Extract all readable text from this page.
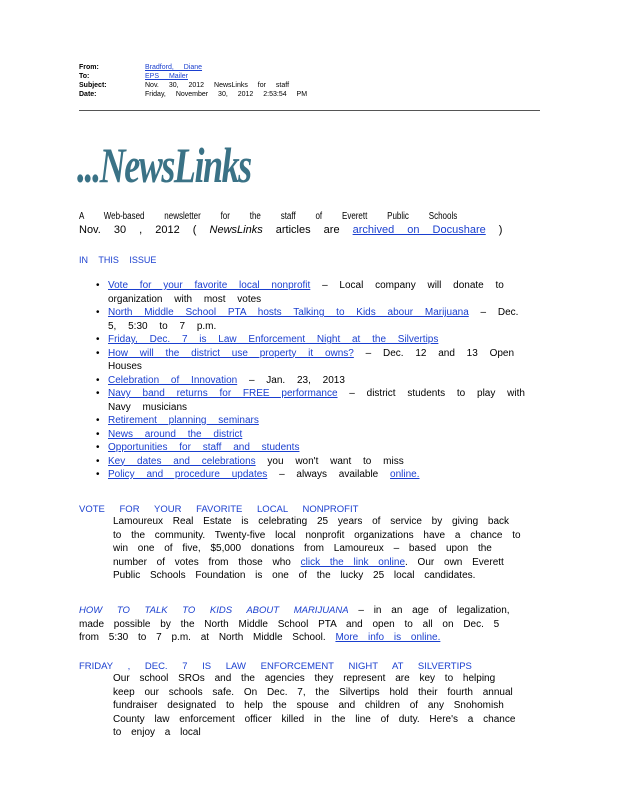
From:	Bradford, Diane
To:	EPS Mailer
Subject:	Nov. 30, 2012 NewsLinks for staff
Date:	Friday, November 30, 2012 2:53:54 PM
...NewsLinks
A Web-based newsletter for the staff of Everett Public Schools
Nov. 30 , 2012 ( NewsLinks articles are archived on Docushare )
IN THIS ISSUE
• Vote for your favorite local nonprofit – Local company will donate to organization with most votes
• North Middle School PTA hosts Talking to Kids abour Marijuana – Dec. 5, 5:30 to 7 p.m.
• Friday, Dec. 7 is Law Enforcement Night at the Silvertips
• How will the district use property it owns? – Dec. 12 and 13 Open Houses
• Celebration of Innovation – Jan. 23, 2013
• Navy band returns for FREE performance – district students to play with Navy musicians
• Retirement planning seminars
• News around the district
• Opportunities for staff and students
• Key dates and celebrations you won't want to miss
• Policy and procedure updates – always available online.
VOTE FOR YOUR FAVORITE LOCAL NONPROFIT
Lamoureux Real Estate is celebrating 25 years of service by giving back to the community. Twenty-five local nonprofit organizations have a chance to win one of five, $5,000 donations from Lamoureux – based upon the number of votes from those who click the link online. Our own Everett Public Schools Foundation is one of the lucky 25 local candidates.
HOW TO TALK TO KIDS ABOUT MARIJUANA – in an age of legalization, made possible by the North Middle School PTA and open to all on Dec. 5 from 5:30 to 7 p.m. at North Middle School. More info is online.
FRIDAY , DEC. 7 IS LAW ENFORCEMENT NIGHT AT SILVERTIPS
Our school SROs and the agencies they represent are key to helping keep our schools safe. On Dec. 7, the Silvertips hold their fourth annual fundraiser designated to help the spouse and children of any Snohomish County law enforcement officer killed in the line of duty. Here's a chance to enjoy a local
